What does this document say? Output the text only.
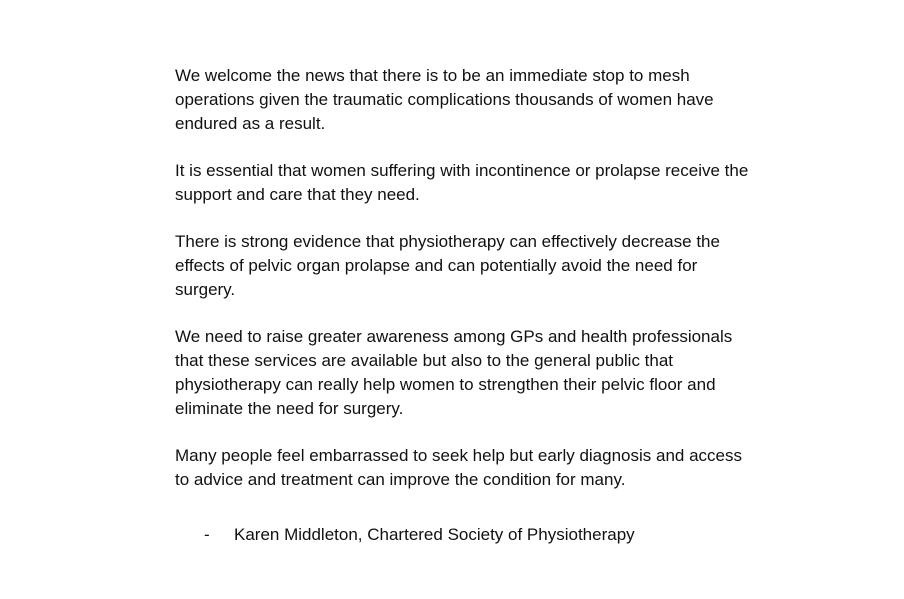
We welcome the news that there is to be an immediate stop to mesh operations given the traumatic complications thousands of women have endured as a result.

It is essential that women suffering with incontinence or prolapse receive the support and care that they need.

There is strong evidence that physiotherapy can effectively decrease the effects of pelvic organ prolapse and can potentially avoid the need for surgery.

We need to raise greater awareness among GPs and health professionals that these services are available but also to the general public that physiotherapy can really help women to strengthen their pelvic floor and eliminate the need for surgery.

Many people feel embarrassed to seek help but early diagnosis and access to advice and treatment can improve the condition for many.

- Karen Middleton, Chartered Society of Physiotherapy
